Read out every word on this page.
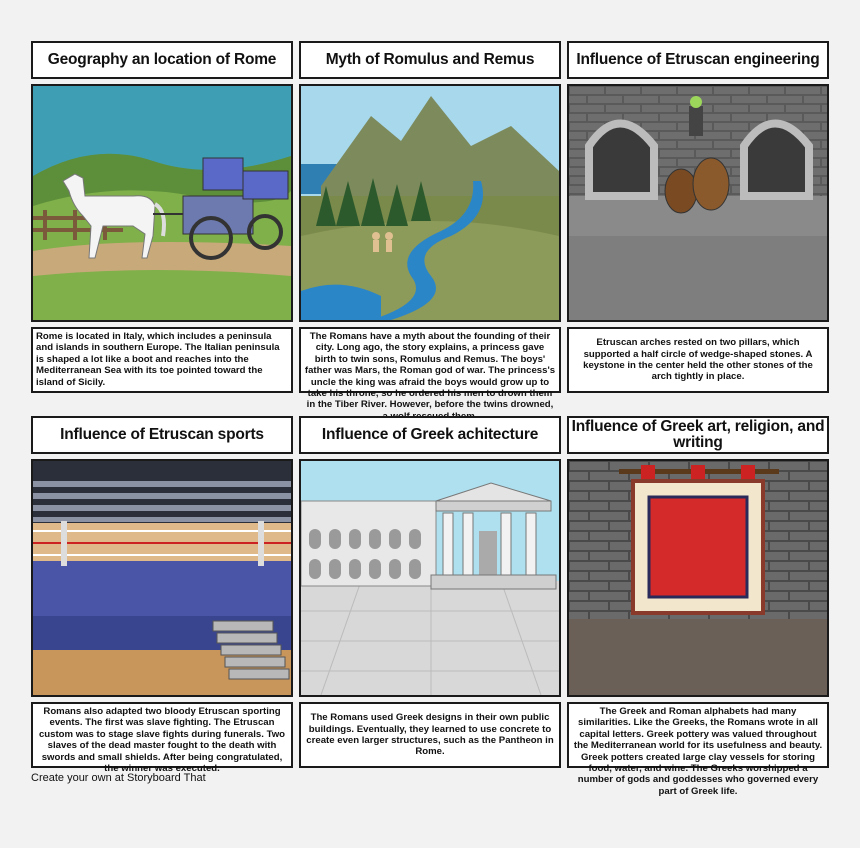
Geography an location of Rome
Rome is located in Italy, which includes a peninsula and islands in southern Europe. The Italian peninsula is shaped a lot like a boot and reaches into the Mediterranean Sea with its toe pointed toward the island of Sicily.
Myth of Romulus and Remus
The Romans have a myth about the founding of their city. Long ago, the story explains, a princess gave birth to twin sons, Romulus and Remus. The boys' father was Mars, the Roman god of war. The princess's uncle the king was afraid the boys would grow up to take his throne, so he ordered his men to drown them in the Tiber River. However, before the twins drowned,
Influence of Etruscan engineering
Etruscan arches rested on two pillars, which supported a half circle of wedge-shaped stones. A keystone in the center held the other stones of the arch tightly in place.
Influence of Etruscan sports
Romans also adapted two bloody Etruscan sporting events. The first was slave fighting. The Etruscan custom was to stage slave fights during funerals. Two slaves of the dead master fought to the death with swords and small shields. After being congratulated, the winner was executed.
Influence of Greek achitecture
The Romans used Greek designs in their own public buildings. Eventually, they learned to use concrete to create even larger structures, such as the Pantheon in Rome.
Influence of Greek art, religion, and writing
The Greek and Roman alphabets had many similarities. Like the Greeks, the Romans wrote in all capital letters. Greek pottery was valued throughout the Mediterranean world for its usefulness and beauty. Greek potters created large clay vessels for storing food, water, and wine. The Greeks worshipped a number of gods and goddesses who governed every part of Greek life.
Create your own at Storyboard That
